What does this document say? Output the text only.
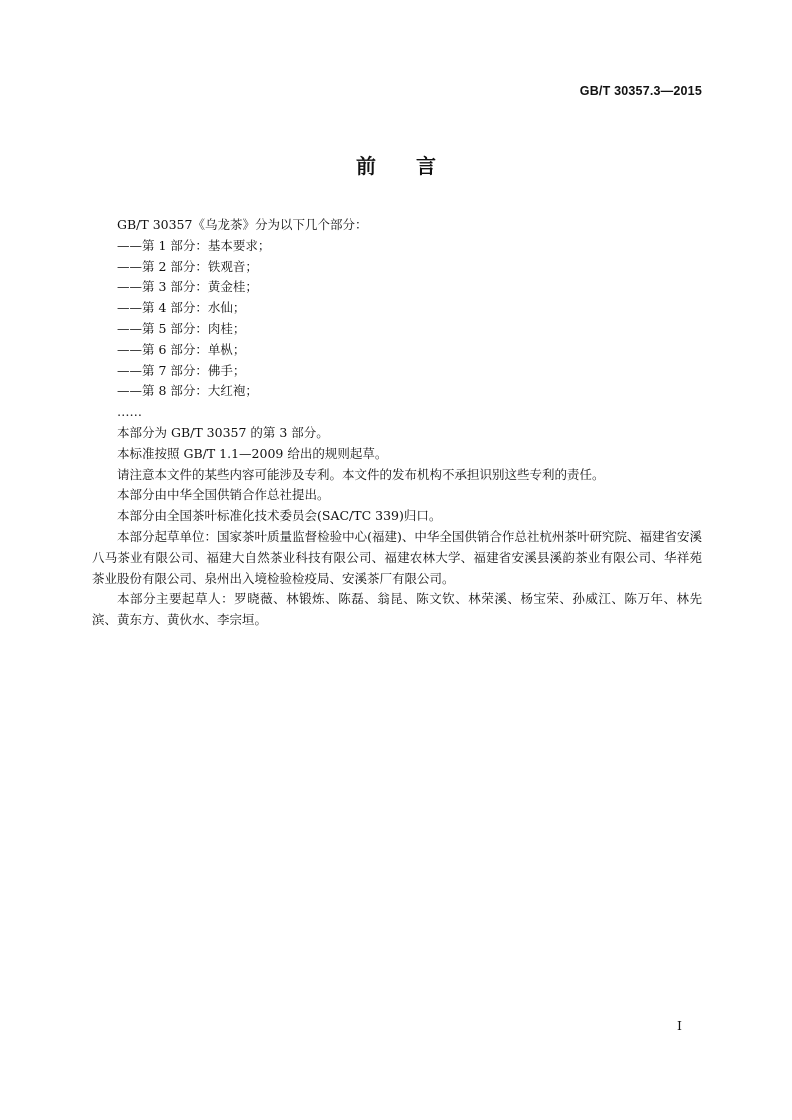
GB/T 30357.3—2015
前言

GB/T 30357《乌龙茶》分为以下几个部分：

——第 1 部分：基本要求；

——第 2 部分：铁观音；

——第 3 部分：黄金桂；

——第 4 部分：水仙；

——第 5 部分：肉桂；

——第 6 部分：单枞；

——第 7 部分：佛手；

——第 8 部分：大红袍；

……

本部分为 GB/T 30357 的第 3 部分。

本标准按照 GB/T 1.1—2009 给出的规则起草。

请注意本文件的某些内容可能涉及专利。本文件的发布机构不承担识别这些专利的责任。

本部分由中华全国供销合作总社提出。

本部分由全国茶叶标准化技术委员会(SAC/TC 339)归口。

本部分起草单位：国家茶叶质量监督检验中心(福建)、中华全国供销合作总社杭州茶叶研究院、福建省安溪八马茶业有限公司、福建大自然茶业科技有限公司、福建农林大学、福建省安溪县溪韵茶业有限公司、华祥苑茶业股份有限公司、泉州出入境检验检疫局、安溪茶厂有限公司。

本部分主要起草人：罗晓薇、林锻炼、陈磊、翁昆、陈文钦、林荣溪、杨宝荣、孙威江、陈万年、林先滨、黄东方、黄伙水、李宗垣。

I
